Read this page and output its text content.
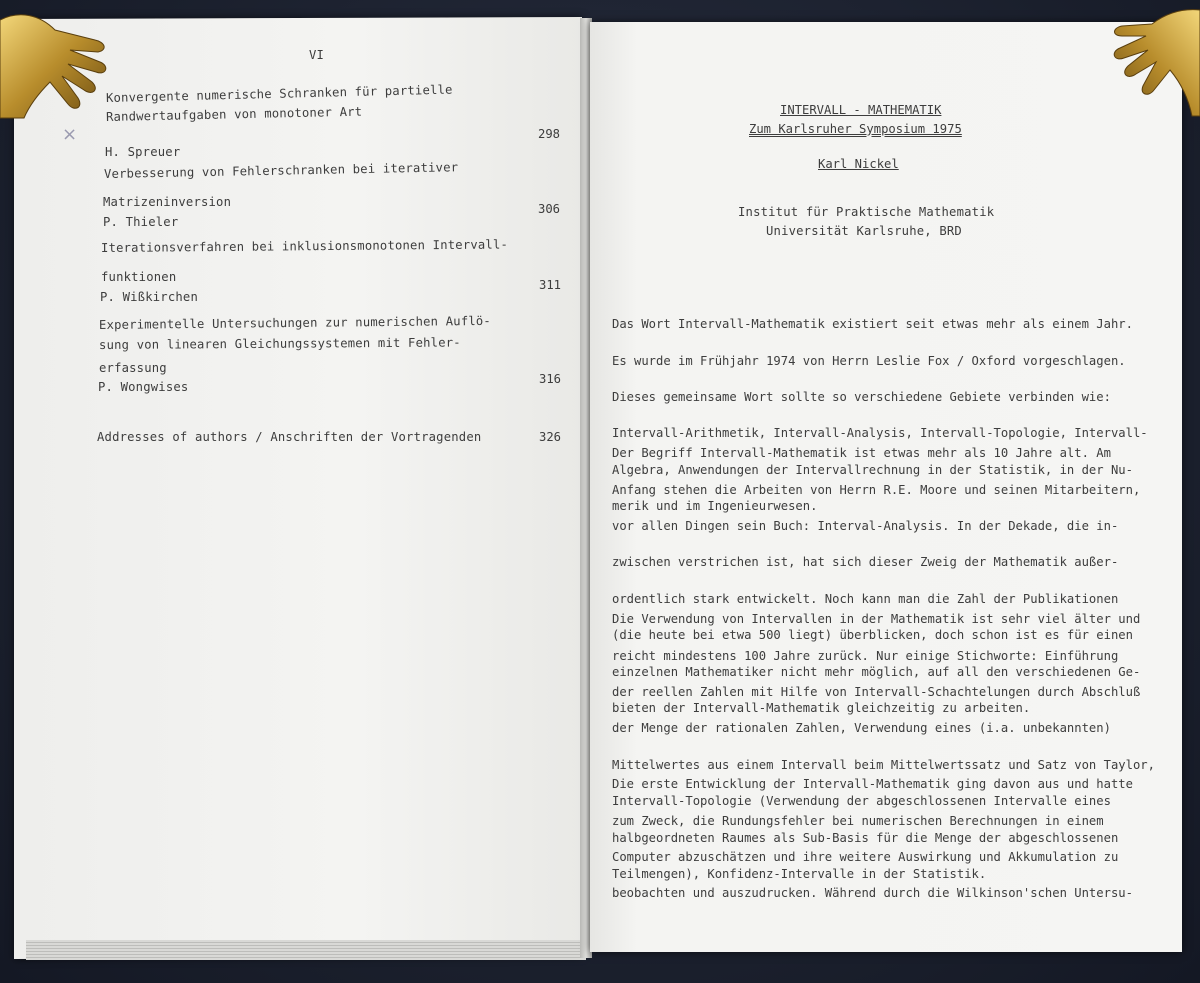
VI
×
Konvergente numerische Schranken für partielle
Randwertaufgaben von monotoner Art
H. Spreuer
298
Verbesserung von Fehlerschranken bei iterativer
Matrizeninversion
P. Thieler
306
Iterationsverfahren bei inklusionsmonotonen Intervall-
funktionen
P. Wißkirchen
311
Experimentelle Untersuchungen zur numerischen Auflö-
sung von linearen Gleichungssystemen mit Fehler-
erfassung
P. Wongwises
316
Addresses of authors / Anschriften der Vortragenden	326
INTERVALL - MATHEMATIK
Zum Karlsruher Symposium 1975
Karl Nickel
Institut für Praktische Mathematik
Universität Karlsruhe, BRD

Das Wort Intervall-Mathematik existiert seit etwas mehr als einem Jahr.

Es wurde im Frühjahr 1974 von Herrn Leslie Fox / Oxford vorgeschlagen.

Dieses gemeinsame Wort sollte so verschiedene Gebiete verbinden wie:

Intervall-Arithmetik, Intervall-Analysis, Intervall-Topologie, Intervall-

Algebra, Anwendungen der Intervallrechnung in der Statistik, in der Nu-

merik und im Ingenieurwesen.

Der Begriff Intervall-Mathematik ist etwas mehr als 10 Jahre alt. Am

Anfang stehen die Arbeiten von Herrn R.E. Moore und seinen Mitarbeitern,

vor allen Dingen sein Buch: Interval-Analysis. In der Dekade, die in-

zwischen verstrichen ist, hat sich dieser Zweig der Mathematik außer-

ordentlich stark entwickelt. Noch kann man die Zahl der Publikationen

(die heute bei etwa 500 liegt) überblicken, doch schon ist es für einen

einzelnen Mathematiker nicht mehr möglich, auf all den verschiedenen Ge-

bieten der Intervall-Mathematik gleichzeitig zu arbeiten.

Die Verwendung von Intervallen in der Mathematik ist sehr viel älter und

reicht mindestens 100 Jahre zurück. Nur einige Stichworte: Einführung

der reellen Zahlen mit Hilfe von Intervall-Schachtelungen durch Abschluß

der Menge der rationalen Zahlen, Verwendung eines (i.a. unbekannten)

Mittelwertes aus einem Intervall beim Mittelwertssatz und Satz von Taylor,

Intervall-Topologie (Verwendung der abgeschlossenen Intervalle eines

halbgeordneten Raumes als Sub-Basis für die Menge der abgeschlossenen

Teilmengen), Konfidenz-Intervalle in der Statistik.

Die erste Entwicklung der Intervall-Mathematik ging davon aus und hatte

zum Zweck, die Rundungsfehler bei numerischen Berechnungen in einem

Computer abzuschätzen und ihre weitere Auswirkung und Akkumulation zu

beobachten und auszudrucken. Während durch die Wilkinson'schen Untersu-
